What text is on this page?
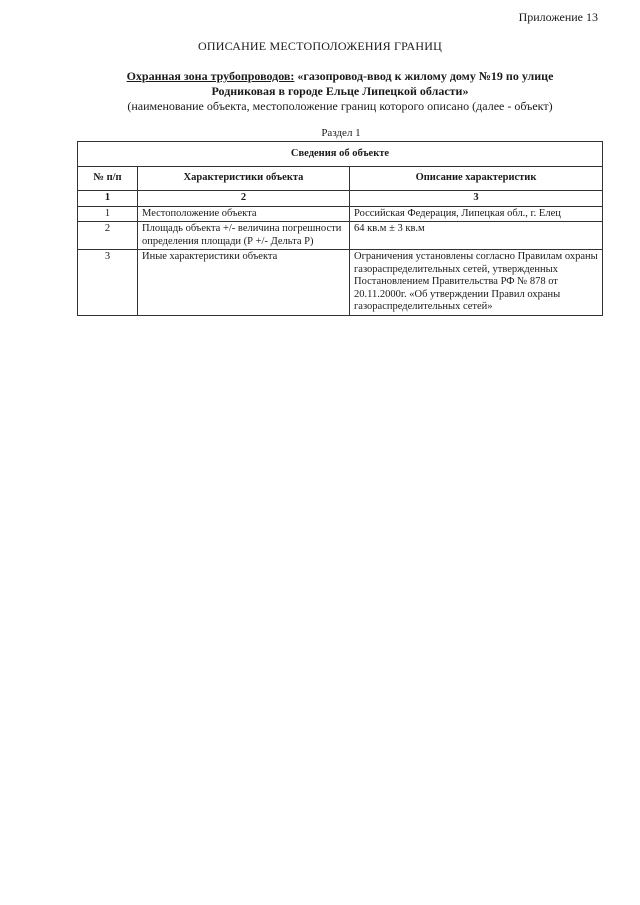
Приложение 13
ОПИСАНИЕ МЕСТОПОЛОЖЕНИЯ ГРАНИЦ
Охранная зона трубопроводов: «газопровод-ввод к жилому дому №19 по улице
Родниковая в городе Ельце Липецкой области»
(наименование объекта, местоположение границ которого описано (далее - объект)
Раздел 1
Сведения об объекте		
№ п/п	Характеристики объекта	Описание характеристик
1	2	3
1	Местоположение объекта	Российская Федерация, Липецкая обл., г. Елец
2	Площадь объекта +/- величина погрешности определения площади (Р +/- Дельта Р)	64 кв.м ± 3 кв.м
3	Иные характеристики объекта	Ограничения установлены согласно Правилам охраны газораспределительных сетей, утвержденных Постановлением Правительства РФ № 878 от 20.11.2000г. «Об утверждении Правил охраны газораспределительных сетей»
